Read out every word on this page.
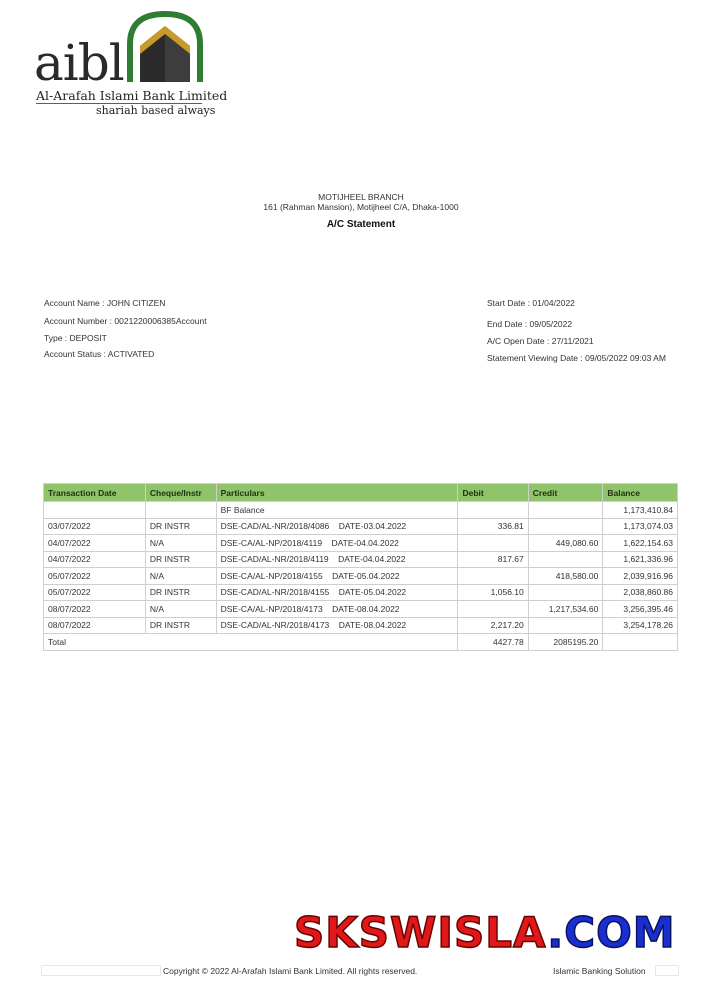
aibl
Al-Arafah Islami Bank Limited
shariah based always
MOTIJHEEL BRANCH
161 (Rahman Mansion), Motijheel C/A, Dhaka-1000
A/C Statement
Account Name : JOHN CITIZEN
Account Number : 0021220006385Account
Type : DEPOSIT
Account Status : ACTIVATED
Start Date : 01/04/2022
End Date : 09/05/2022
A/C Open Date : 27/11/2021
Statement Viewing Date : 09/05/2022 09:03 AM
Transaction Date	Cheque/Instr	Particulars	Debit	Credit	Balance
		BF Balance			1,173,410.84
03/07/2022	DR INSTR	DSE-CAD/AL-NR/2018/4086    DATE-03.04.2022	336.81		1,173,074.03
04/07/2022	N/A	DSE-CA/AL-NP/2018/4119    DATE-04.04.2022		449,080.60	1,622,154.63
04/07/2022	DR INSTR	DSE-CAD/AL-NR/2018/4119    DATE-04.04.2022	817.67		1,621,336.96
05/07/2022	N/A	DSE-CA/AL-NP/2018/4155    DATE-05.04.2022		418,580.00	2,039,916.96
05/07/2022	DR INSTR	DSE-CAD/AL-NR/2018/4155    DATE-05.04.2022	1,056.10		2,038,860.86
08/07/2022	N/A	DSE-CA/AL-NP/2018/4173    DATE-08.04.2022		1,217,534.60	3,256,395.46
08/07/2022	DR INSTR	DSE-CAD/AL-NR/2018/4173    DATE-08.04.2022	2,217.20		3,254,178.26
Total			4427.78	2085195.20	
SKSWISLA.COM
Copyright © 2022 Al-Arafah Islami Bank Limited. All rights reserved.	Islamic Banking Solution
